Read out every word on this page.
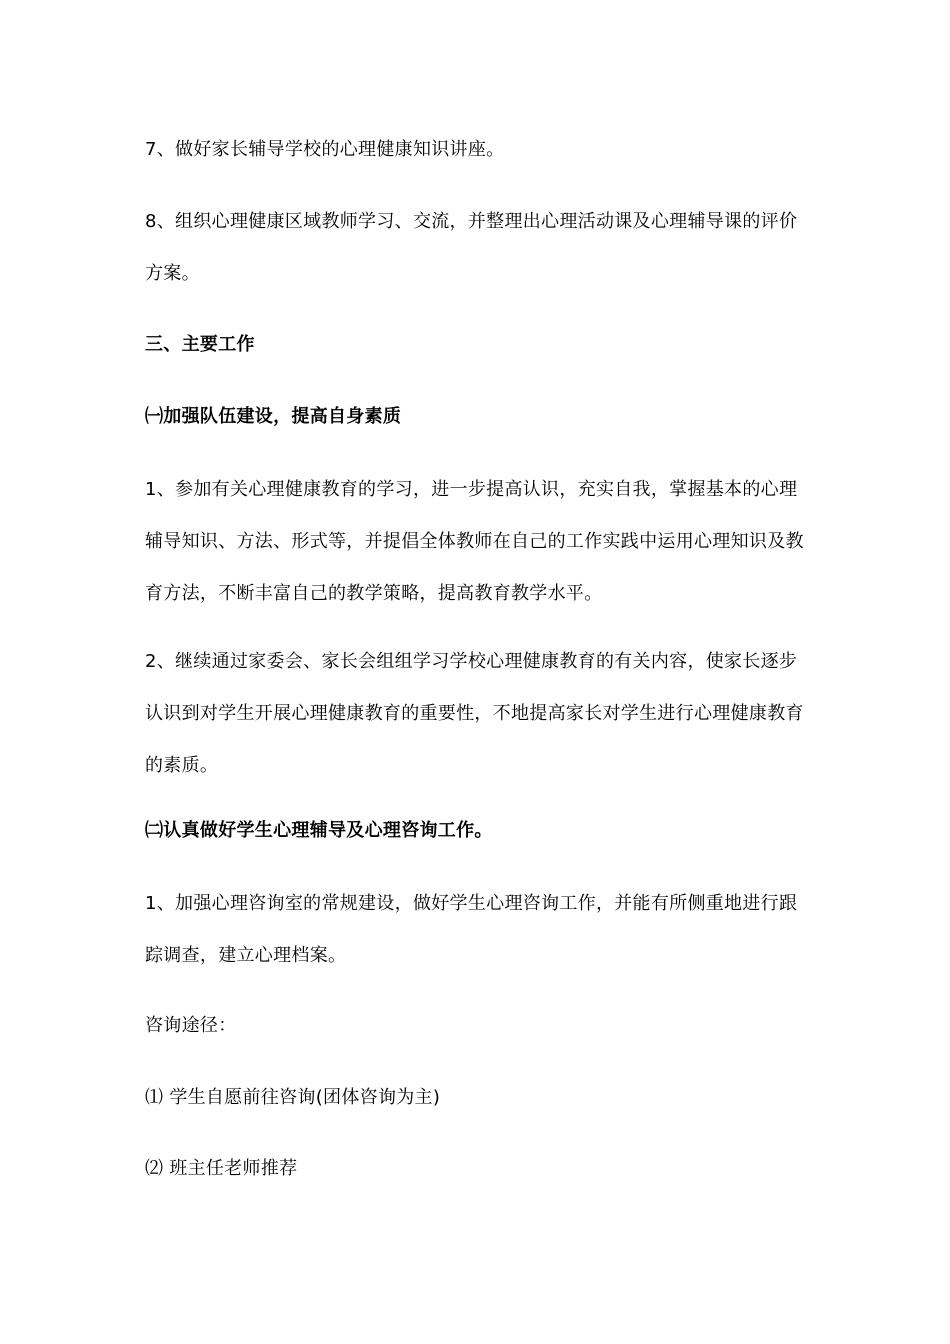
7、做好家长辅导学校的心理健康知识讲座。

8、组织心理健康区域教师学习、交流，并整理出心理活动课及心理辅导课的评价方案。

三、主要工作

㈠加强队伍建设，提高自身素质

1、参加有关心理健康教育的学习，进一步提高认识，充实自我，掌握基本的心理辅导知识、方法、形式等，并提倡全体教师在自己的工作实践中运用心理知识及教育方法，不断丰富自己的教学策略，提高教育教学水平。

2、继续通过家委会、家长会组组学习学校心理健康教育的有关内容，使家长逐步认识到对学生开展心理健康教育的重要性，不地提高家长对学生进行心理健康教育的素质。

㈡认真做好学生心理辅导及心理咨询工作。

1、加强心理咨询室的常规建设，做好学生心理咨询工作，并能有所侧重地进行跟踪调查，建立心理档案。

咨询途径：

⑴ 学生自愿前往咨询(团体咨询为主)

⑵ 班主任老师推荐
